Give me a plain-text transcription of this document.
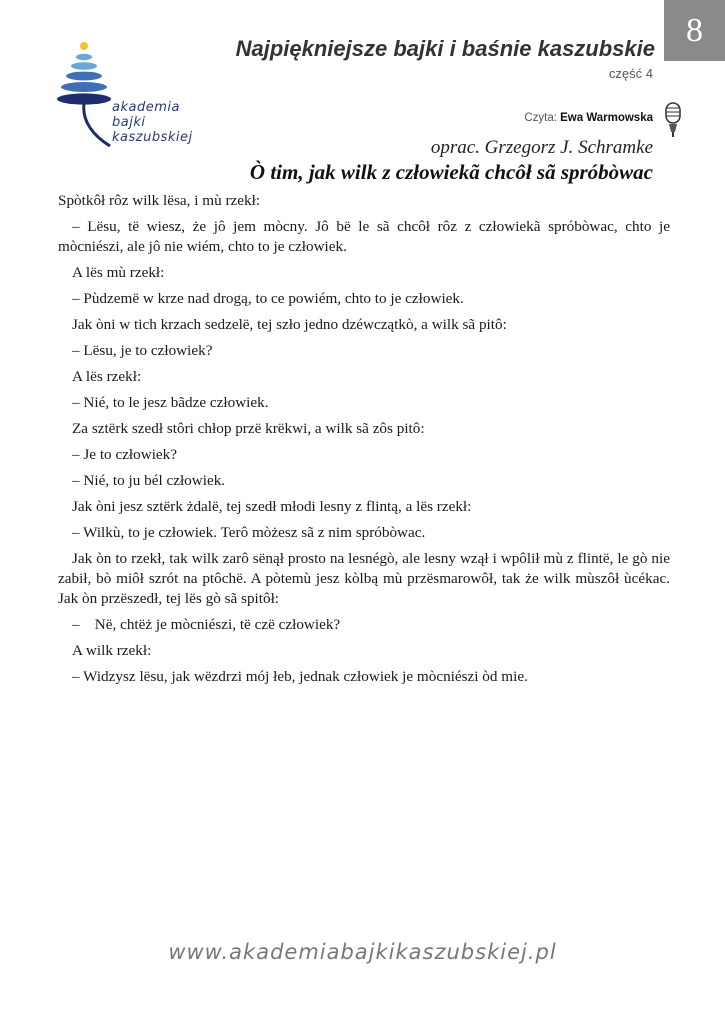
8
akademia
bajki
kaszubskiej
Najpiękniejsze bajki i baśnie kaszubskie
część 4
Czyta: Ewa Warmowska
oprac. Grzegorz J. Schramke
Ò tim, jak wilk z człowiekã chcôł sã spróbòwac

Spòtkôł rôz wilk lësa, i mù rzekł:

– Lësu, të wiesz, że jô jem mòcny. Jô bë le sã chcôł rôz z człowiekã spróbòwac, chto je mòcniészi, ale jô nie wiém, chto to je człowiek.

A lës mù rzekł:

– Pùdzemë w krze nad drogą, to ce powiém, chto to je człowiek.

Jak òni w tich krzach sedzelë, tej szło jedno dzéwczątkò, a wilk sã pitô:

– Lësu, je to człowiek?

A lës rzekł:

– Nié, to le jesz bãdze człowiek.

Za sztërk szedł stôri chłop przë krëkwi, a wilk sã zôs pitô:

– Je to człowiek?

– Nié, to ju bél człowiek.

Jak òni jesz sztërk żdalë, tej szedł młodi lesny z flintą, a lës rzekł:

– Wilkù, to je człowiek. Terô mòżesz sã z nim spróbòwac.

Jak òn to rzekł, tak wilk zarô sënął prosto na lesnégò, ale lesny wzął i wpôlił mù z flintë, le gò nie zabił, bò miôł szrót na ptôchë. A pòtemù jesz kòlbą mù przësmarowôł, tak że wilk mùszôł ùcékac. Jak òn przëszedł, tej lës gò sã spitôł:

–    Në, chtëż je mòcniészi, të czë człowiek?

A wilk rzekł:

– Widzysz lësu, jak wëzdrzi mój łeb, jednak człowiek je mòcniészi òd mie.

www.akademiabajkikaszubskiej.pl
